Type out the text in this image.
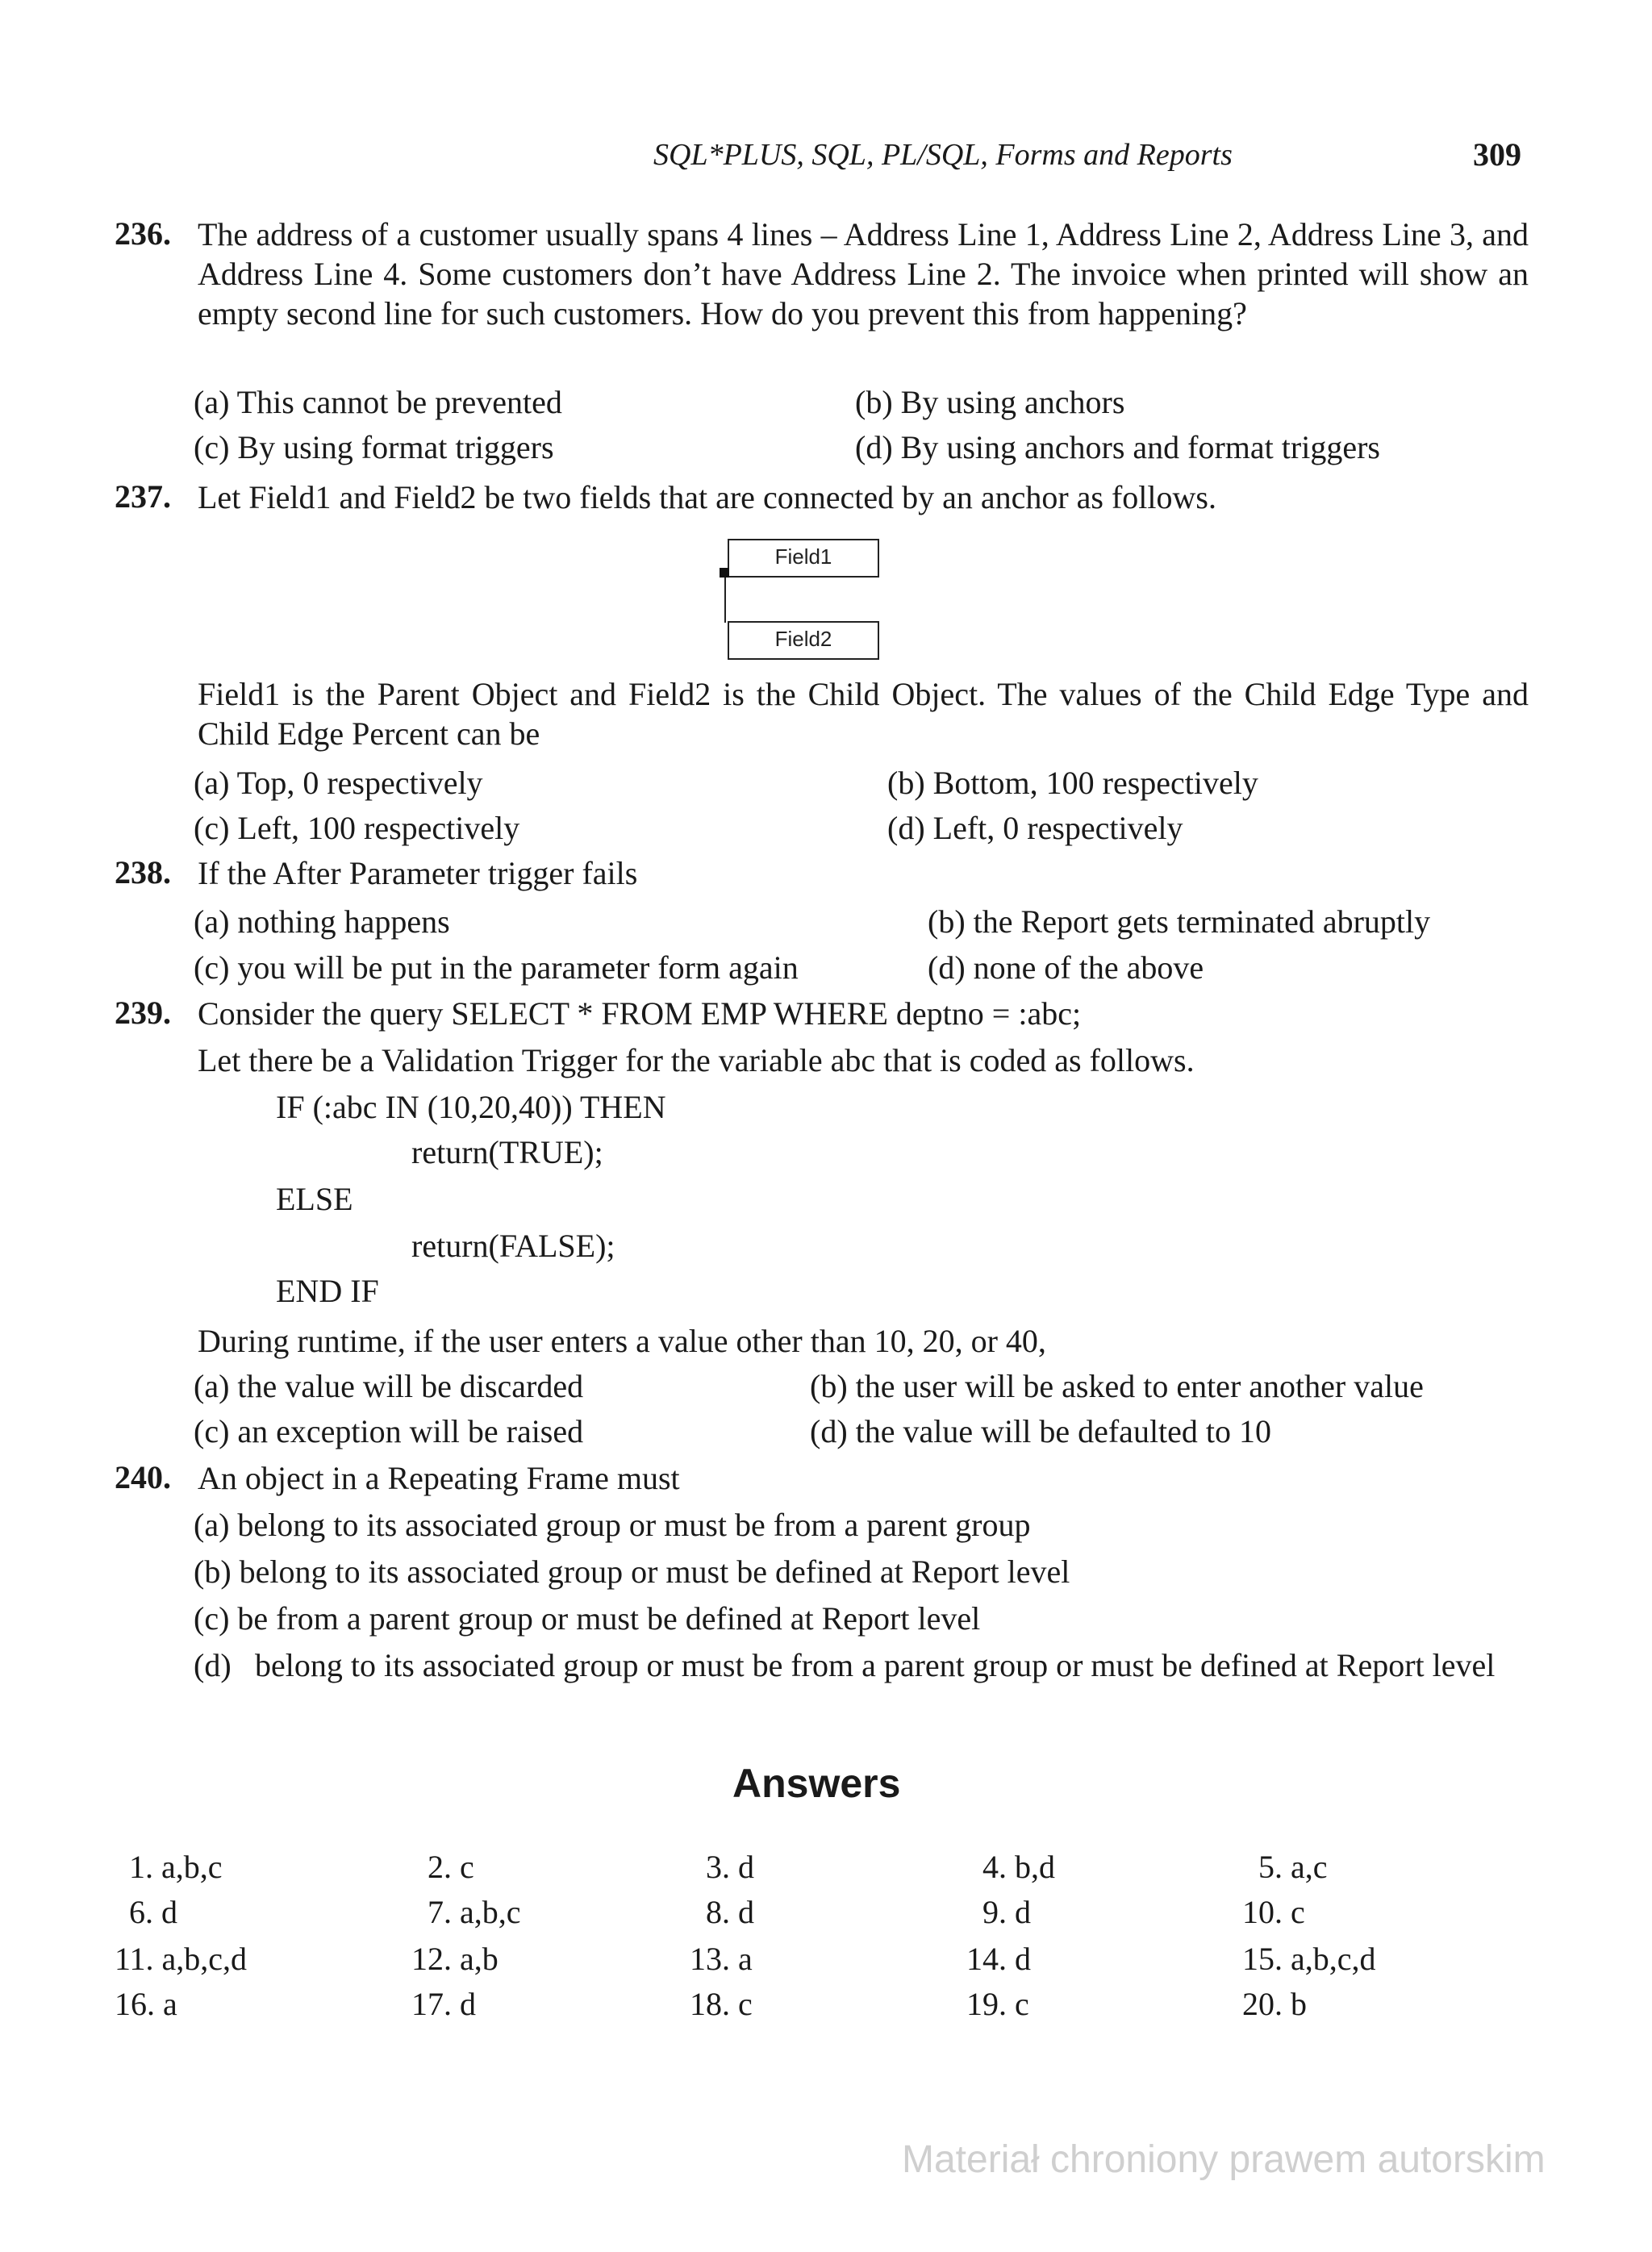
SQL*PLUS, SQL, PL/SQL, Forms and Reports	309
236. The address of a customer usually spans 4 lines – Address Line 1, Address Line 2, Address Line 3, and Address Line 4. Some customers don’t have Address Line 2. The invoice when printed will show an empty second line for such customers. How do you prevent this from happening?
(a) This cannot be prevented	(b) By using anchors
(c) By using format triggers	(d) By using anchors and format triggers
237. Let Field1 and Field2 be two fields that are connected by an anchor as follows.
Field1
Field2
Field1 is the Parent Object and Field2 is the Child Object. The values of the Child Edge Type and Child Edge Percent can be
(a) Top, 0 respectively	(b) Bottom, 100 respectively
(c) Left, 100 respectively	(d) Left, 0 respectively
238. If the After Parameter trigger fails
(a) nothing happens	(b) the Report gets terminated abruptly
(c) you will be put in the parameter form again	(d) none of the above
239. Consider the query SELECT * FROM EMP WHERE deptno = :abc;
Let there be a Validation Trigger for the variable abc that is coded as follows.
IF (:abc IN (10,20,40)) THEN
return(TRUE);
ELSE
return(FALSE);
END IF
During runtime, if the user enters a value other than 10, 20, or 40,
(a) the value will be discarded	(b) the user will be asked to enter another value
(c) an exception will be raised	(d) the value will be defaulted to 10
240. An object in a Repeating Frame must
(a) belong to its associated group or must be from a parent group
(b) belong to its associated group or must be defined at Report level
(c) be from a parent group or must be defined at Report level
(d) belong to its associated group or must be from a parent group or must be defined at Report level
Answers
1. a,b,c	2. c	3. d	4. b,d	5. a,c
6. d	7. a,b,c	8. d	9. d	10. c
11. a,b,c,d	12. a,b	13. a	14. d	15. a,b,c,d
16. a	17. d	18. c	19. c	20. b
Materiał chroniony prawem autorskim
